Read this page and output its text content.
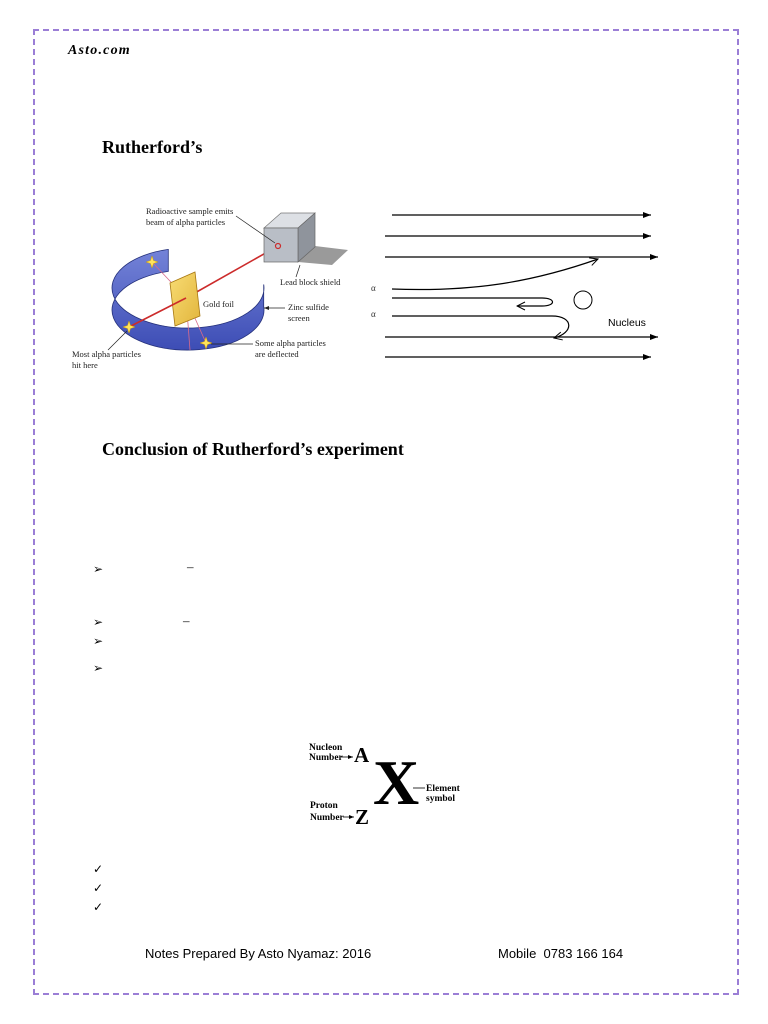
Asto.com
Rutherford’s
Radioactive sample emits
beam of alpha particles
Lead block shield
Gold foil	Zinc sulfide
screen
Most alpha particles
hit here
Some alpha particles
are deflected
α
α
Nucleus
Conclusion of Rutherford’s experiment
➢	–
➢	–
➢
➢
Nucleon
Number A X Element
symbol
Proton
Number Z
✓
✓
✓
Notes Prepared By Asto Nyamaz: 2016	Mobile  0783 166 164
